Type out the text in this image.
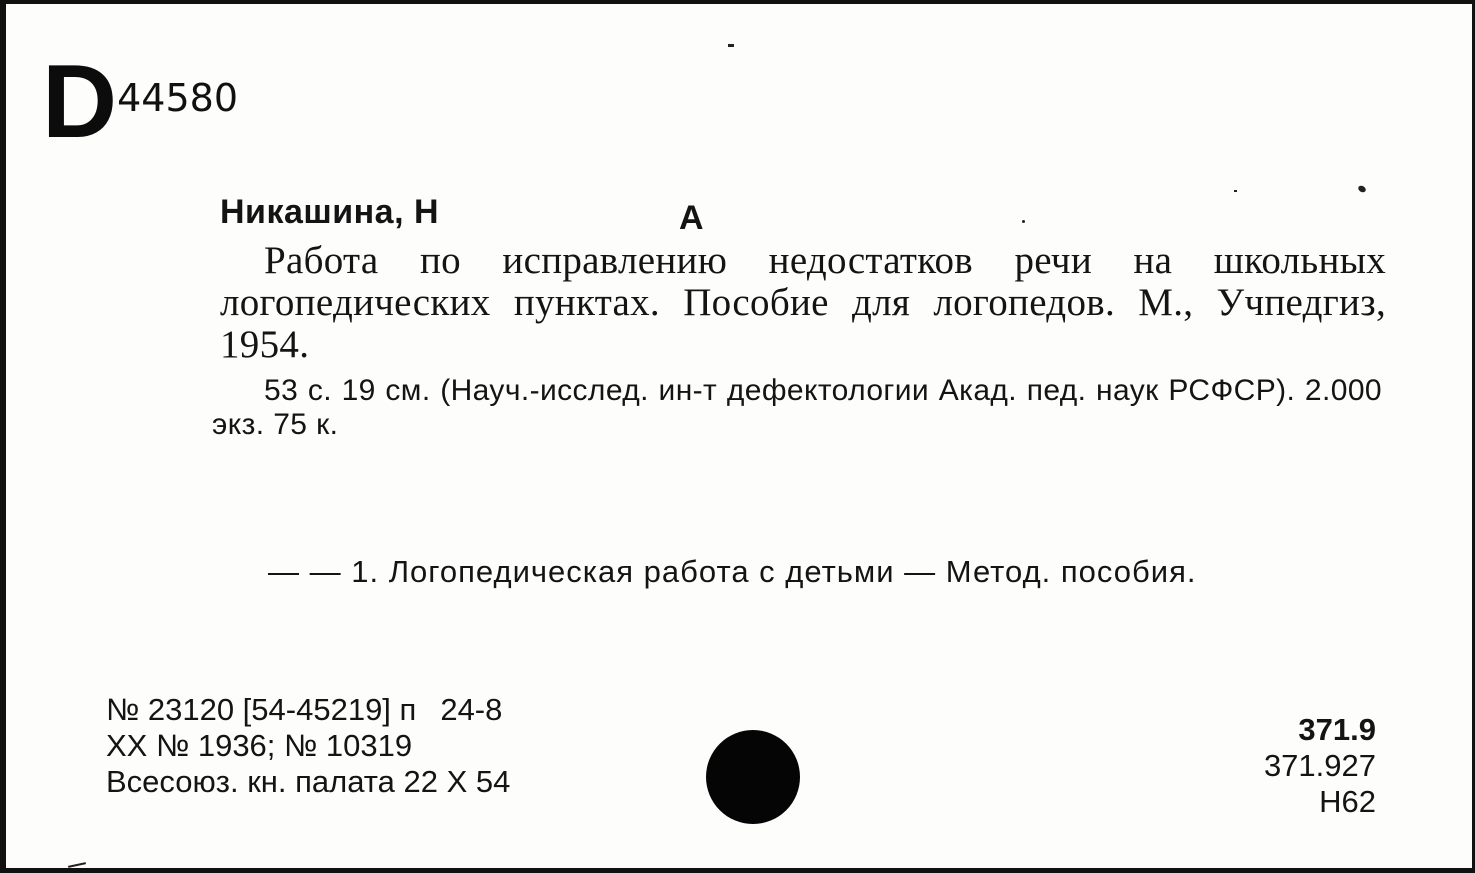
D 44580
Никашина, Н	А
Работа по исправлению недостатков речи на школьных логопедических пунктах. Пособие для логопедов. М., Учпедгиз, 1954.
53 с. 19 см. (Науч.-исслед. ин-т дефектологии Акад. пед. наук РСФСР). 2.000 экз. 75 к.
— — 1. Логопедическая работа с детьми — Метод. пособия.
№ 23120 [54-45219] п 24-8
XX № 1936; № 10319
Всесоюз. кн. палата 22 X 54
371.9
371.927
Н62
